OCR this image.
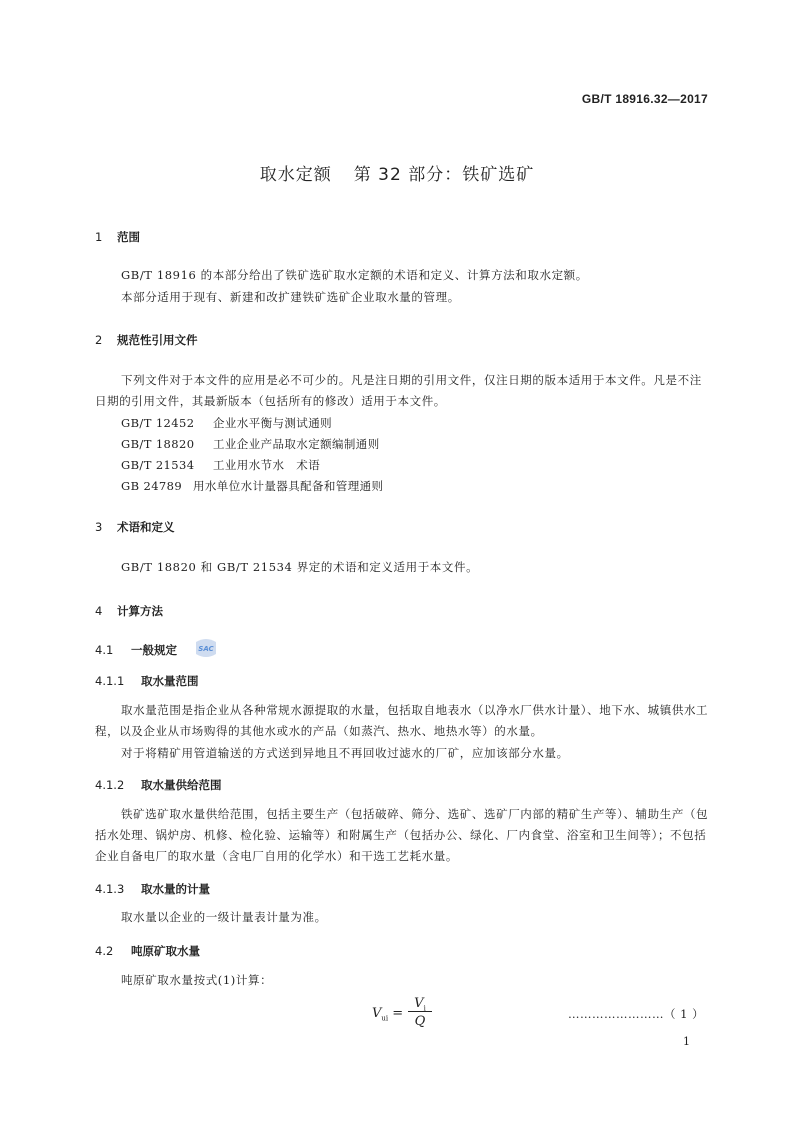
GB/T 18916.32—2017
取水定额 第 32 部分：铁矿选矿
1 范围
GB/T 18916 的本部分给出了铁矿选矿取水定额的术语和定义、计算方法和取水定额。
本部分适用于现有、新建和改扩建铁矿选矿企业取水量的管理。
2 规范性引用文件
下列文件对于本文件的应用是必不可少的。凡是注日期的引用文件，仅注日期的版本适用于本文件。凡是不注日期的引用文件，其最新版本（包括所有的修改）适用于本文件。
GB/T 12452 企业水平衡与测试通则
GB/T 18820 工业企业产品取水定额编制通则
GB/T 21534 工业用水节水　术语
GB 24789 用水单位水计量器具配备和管理通则
3 术语和定义
GB/T 18820 和 GB/T 21534 界定的术语和定义适用于本文件。
4 计算方法
4.1 一般规定	SAC
4.1.1 取水量范围
取水量范围是指企业从各种常规水源提取的水量，包括取自地表水（以净水厂供水计量）、地下水、城镇供水工程，以及企业从市场购得的其他水或水的产品（如蒸汽、热水、地热水等）的水量。
对于将精矿用管道输送的方式送到异地且不再回收过滤水的厂矿，应加该部分水量。
4.1.2 取水量供给范围
铁矿选矿取水量供给范围，包括主要生产（包括破碎、筛分、选矿、选矿厂内部的精矿生产等）、辅助生产（包括水处理、锅炉房、机修、检化验、运输等）和附属生产（包括办公、绿化、厂内食堂、浴室和卫生间等）；不包括企业自备电厂的取水量（含电厂自用的化学水）和干选工艺耗水量。
4.1.3 取水量的计量
取水量以企业的一级计量表计量为准。
4.2 吨原矿取水量
吨原矿取水量按式(1)计算：
$V_{ui}$ =
$V_i$
Q	……………………（ 1 ）
1
